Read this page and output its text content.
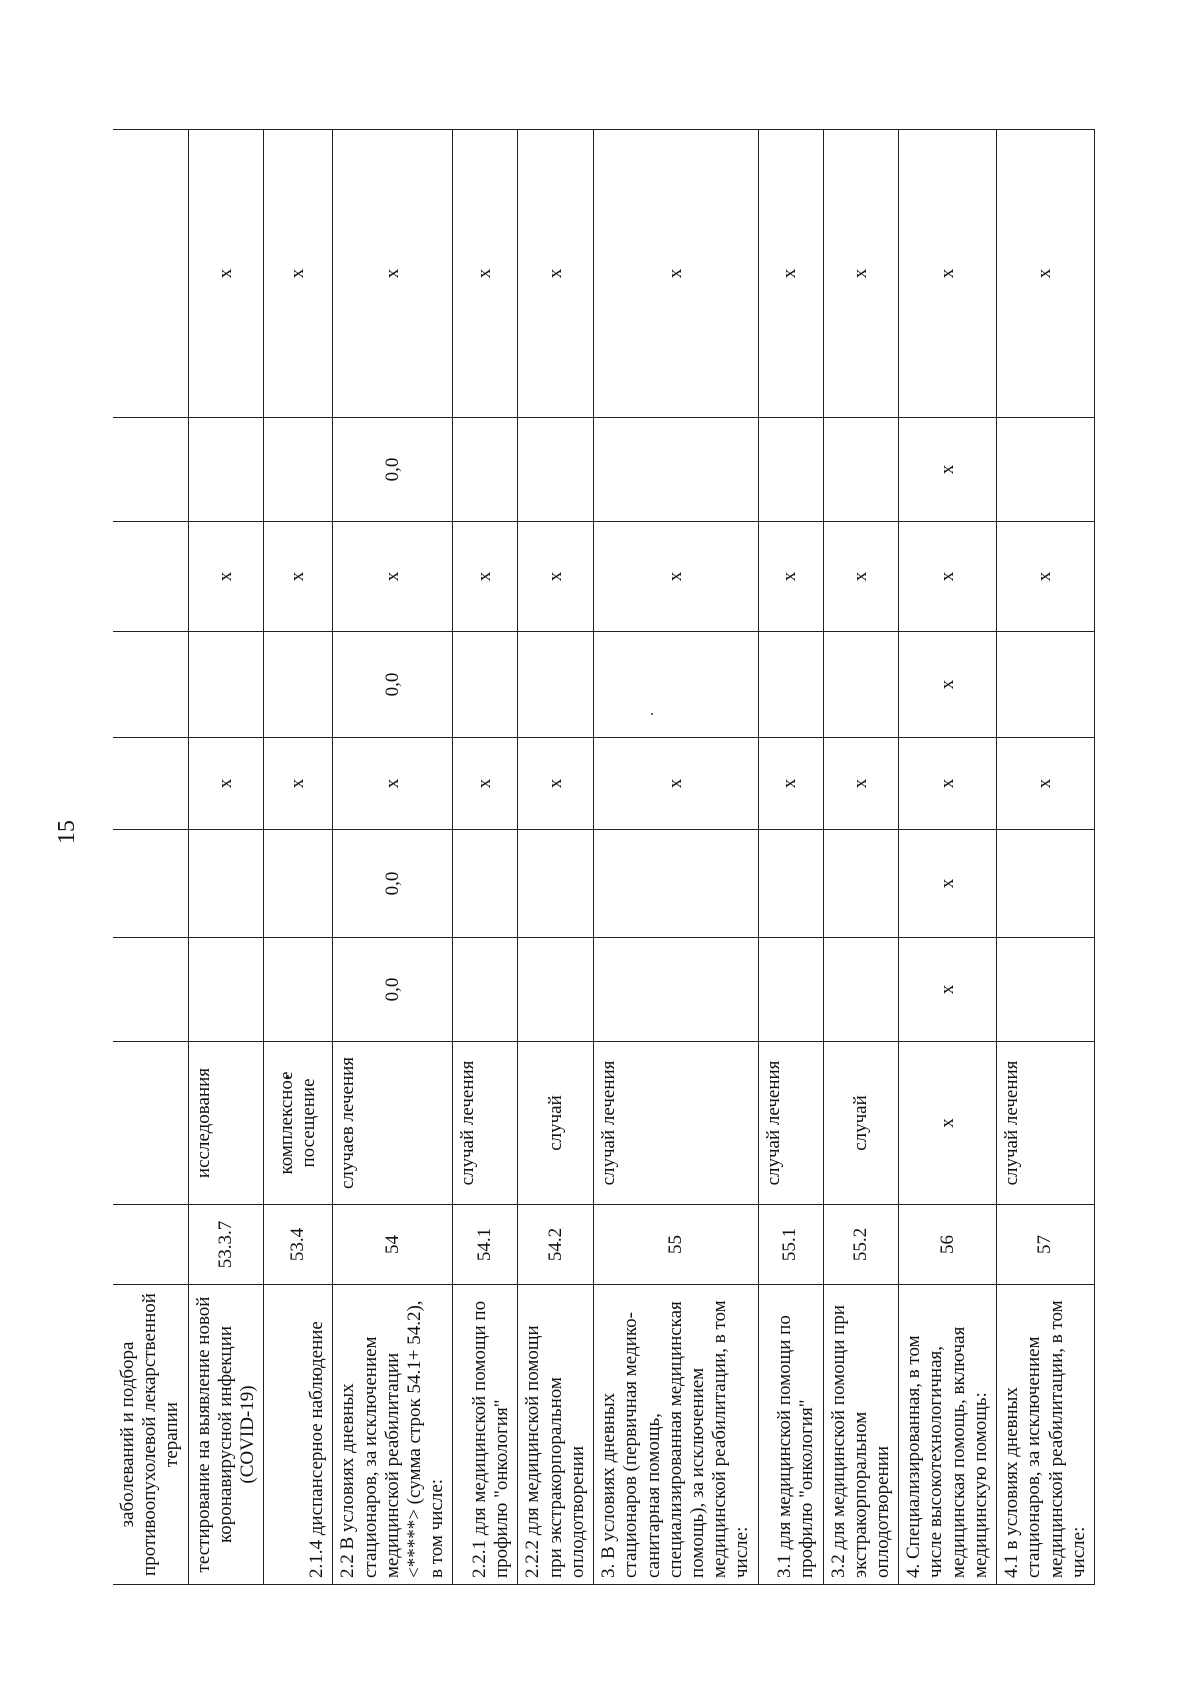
15
заболеваний и подбора противоопухолевой лекарственной терапии									
тестирование на выявление новой коронавирусной инфекции (COVID-19)	53.3.7	исследования			х		х		х
2.1.4 диспансерное наблюдение	53.4	комплексное посещение			х		х		х
2.2 В условиях дневных стационаров, за исключением медицинской реабилитации <*****> (сумма строк 54.1+ 54.2), в том числе:	54	случаев лечения	0,0	0,0	х	0,0	х	0,0	х
2.2.1 для медицинской помощи по профилю "онкология"	54.1	случай лечения			х		х		х
2.2.2 для медицинской помощи при экстракорпоральном оплодотворении	54.2	случай			х		х		х
3. В условиях дневных стационаров (первичная медико-санитарная помощь, специализированная медицинская помощь), за исключением медицинской реабилитации, в том числе:	55	случай лечения			х		х		х
3.1 для медицинской помощи по профилю "онкология"	55.1	случай лечения			х		х		х
3.2 для медицинской помощи при экстракорпоральном оплодотворении	55.2	случай			х		х		х
4. Специализированная, в том числе высокотехнологичная, медицинская помощь, включая медицинскую помощь:	56	х	х	х	х	х	х	х	х
4.1 в условиях дневных стационаров, за исключением медицинской реабилитации, в том числе:	57	случай лечения			х		х		х
